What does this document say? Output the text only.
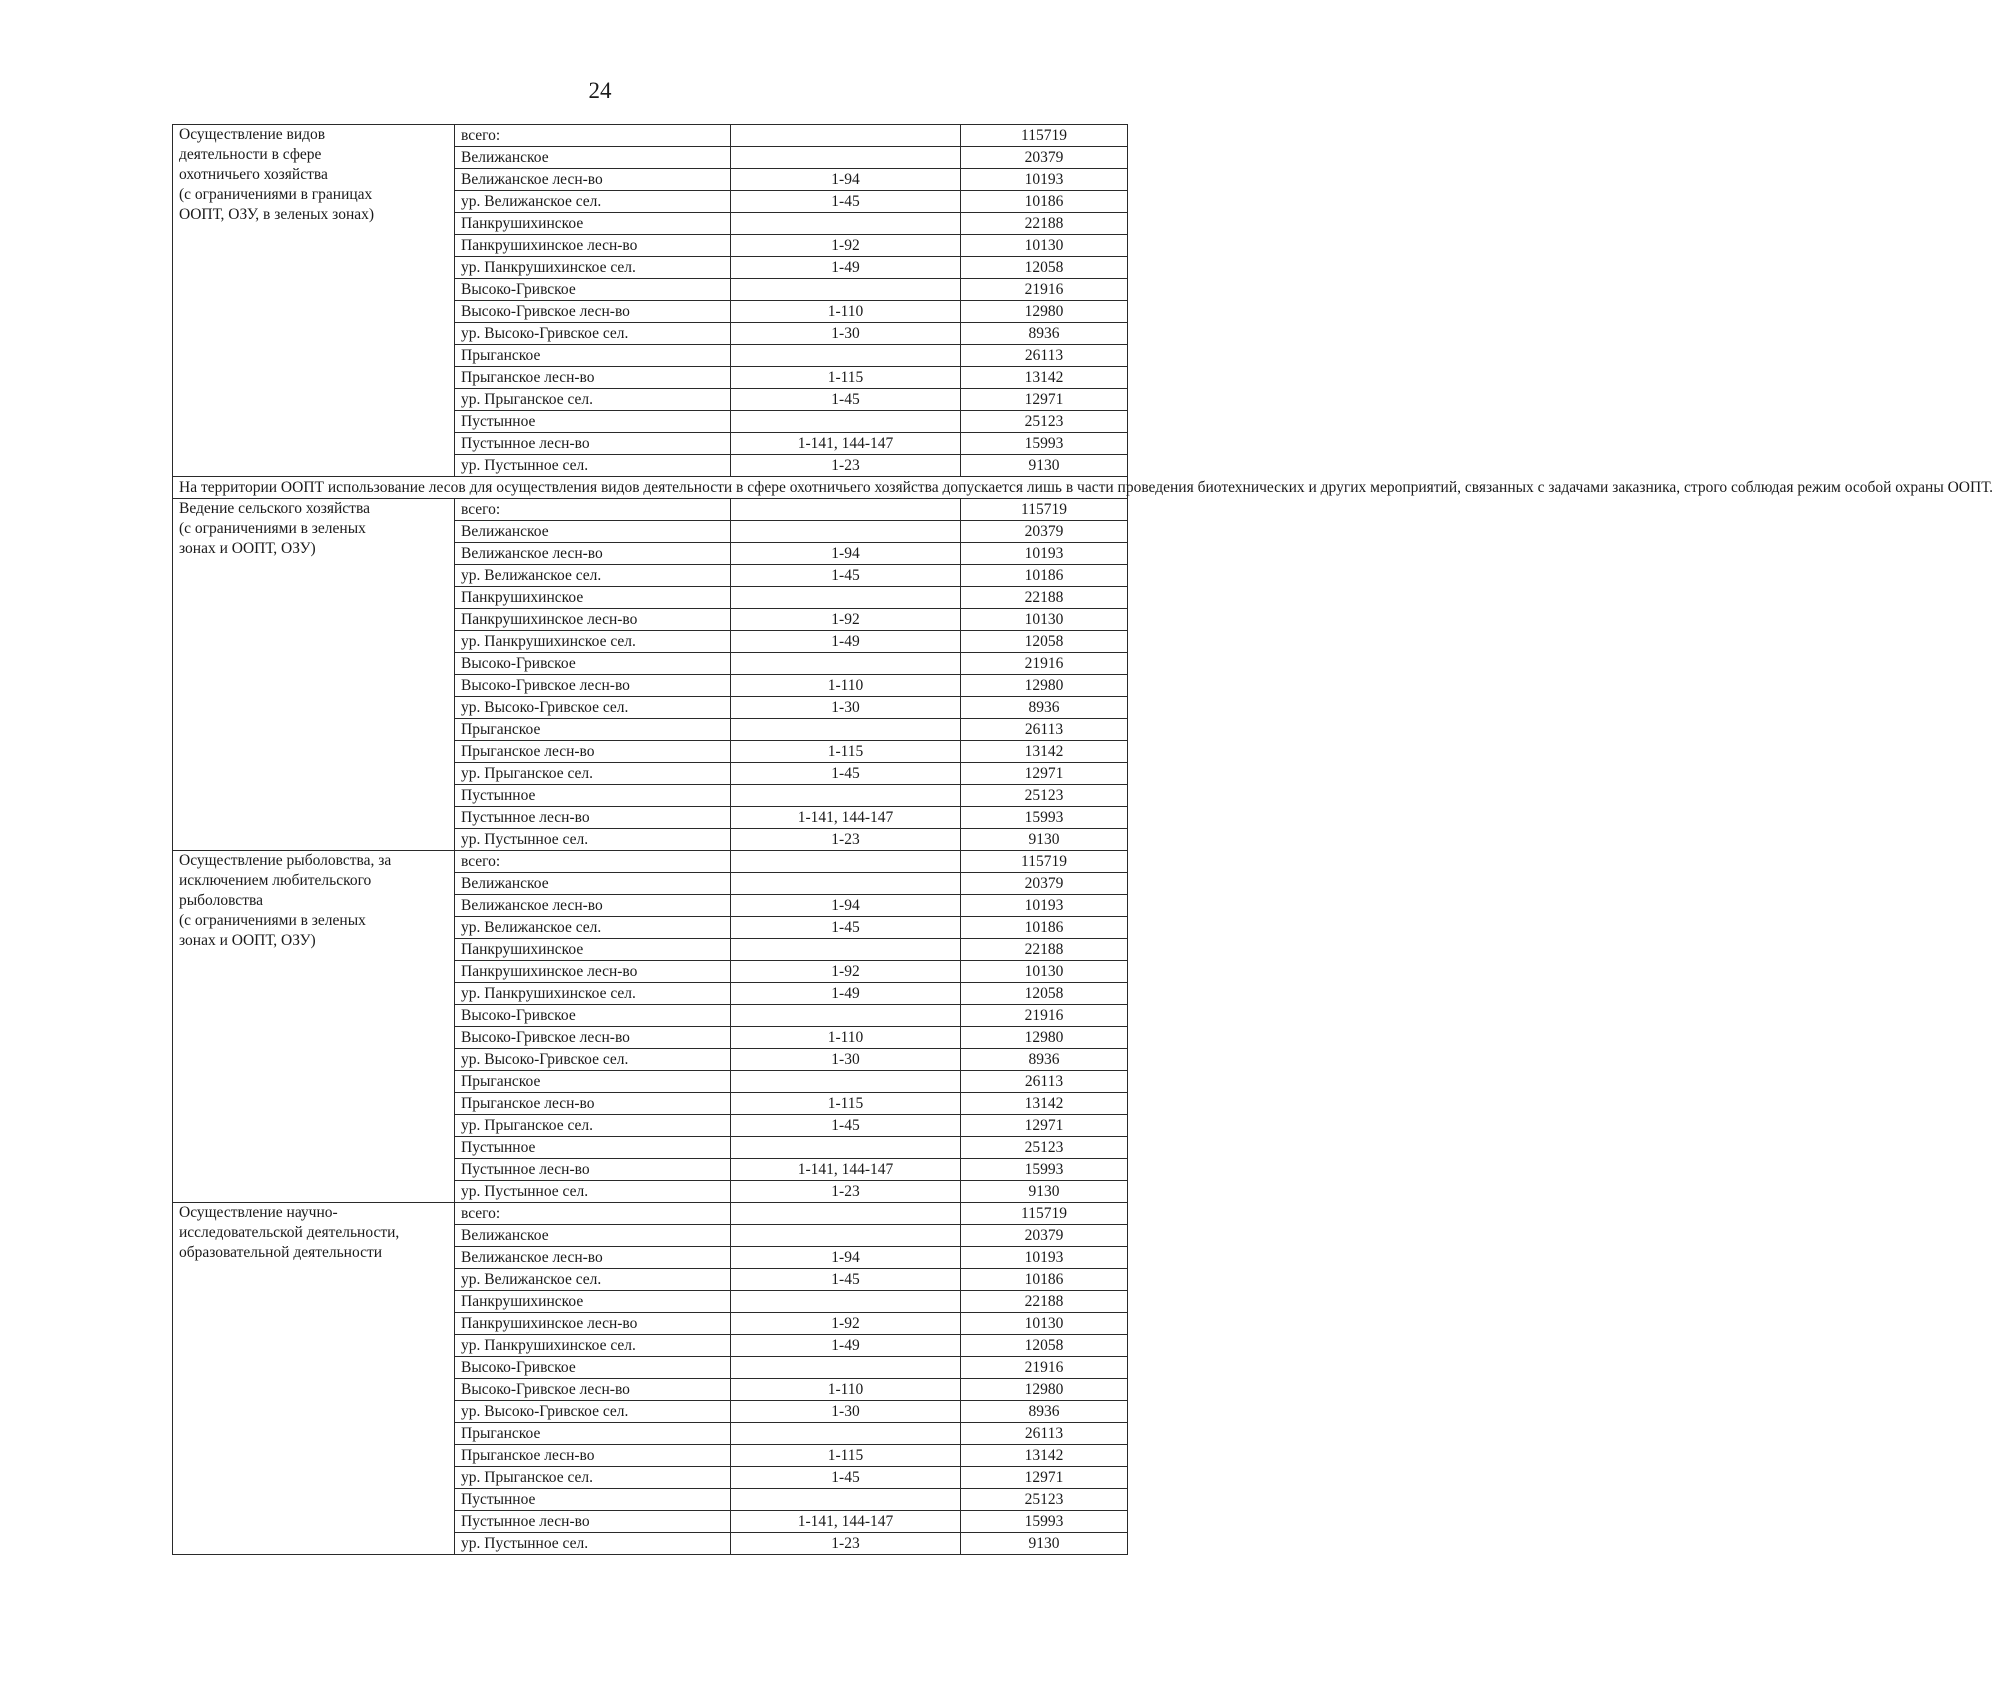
24
Осуществление видов
деятельности в сфере
охотничьего хозяйства
(с ограничениями в границах
ООПТ, ОЗУ, в зеленых зонах)	всего:		115719
	Велижанское		20379
	Велижанское лесн-во	1-94	10193
	ур. Велижанское сел.	1-45	10186
	Панкрушихинское		22188
	Панкрушихинское лесн-во	1-92	10130
	ур. Панкрушихинское сел.	1-49	12058
	Высоко-Гривское		21916
	Высоко-Гривское лесн-во	1-110	12980
	ур. Высоко-Гривское сел.	1-30	8936
	Прыганское		26113
	Прыганское лесн-во	1-115	13142
	ур. Прыганское сел.	1-45	12971
	Пустынное		25123
	Пустынное лесн-во	1-141, 144-147	15993
	ур. Пустынное сел.	1-23	9130
На территории ООПТ использование лесов для осуществления видов деятельности в сфере охотничьего хозяйства допускается лишь в части проведения биотехнических и других мероприятий, связанных с задачами заказника, строго соблюдая режим особой охраны ООПТ.			

Ведение сельского хозяйства
(с ограничениями в зеленых
зонах и ООПТ, ОЗУ)	всего:		115719
	Велижанское		20379
	Велижанское лесн-во	1-94	10193
	ур. Велижанское сел.	1-45	10186
	Панкрушихинское		22188
	Панкрушихинское лесн-во	1-92	10130
	ур. Панкрушихинское сел.	1-49	12058
	Высоко-Гривское		21916
	Высоко-Гривское лесн-во	1-110	12980
	ур. Высоко-Гривское сел.	1-30	8936
	Прыганское		26113
	Прыганское лесн-во	1-115	13142
	ур. Прыганское сел.	1-45	12971
	Пустынное		25123
	Пустынное лесн-во	1-141, 144-147	15993
	ур. Пустынное сел.	1-23	9130

Осуществление рыболовства, за
исключением любительского
рыболовства
(с ограничениями в зеленых
зонах и ООПТ, ОЗУ)	всего:		115719
	Велижанское		20379
	Велижанское лесн-во	1-94	10193
	ур. Велижанское сел.	1-45	10186
	Панкрушихинское		22188
	Панкрушихинское лесн-во	1-92	10130
	ур. Панкрушихинское сел.	1-49	12058
	Высоко-Гривское		21916
	Высоко-Гривское лесн-во	1-110	12980
	ур. Высоко-Гривское сел.	1-30	8936
	Прыганское		26113
	Прыганское лесн-во	1-115	13142
	ур. Прыганское сел.	1-45	12971
	Пустынное		25123
	Пустынное лесн-во	1-141, 144-147	15993
	ур. Пустынное сел.	1-23	9130

Осуществление научно-
исследовательской деятельности,
образовательной деятельности	всего:		115719
	Велижанское		20379
	Велижанское лесн-во	1-94	10193
	ур. Велижанское сел.	1-45	10186
	Панкрушихинское		22188
	Панкрушихинское лесн-во	1-92	10130
	ур. Панкрушихинское сел.	1-49	12058
	Высоко-Гривское		21916
	Высоко-Гривское лесн-во	1-110	12980
	ур. Высоко-Гривское сел.	1-30	8936
	Прыганское		26113
	Прыганское лесн-во	1-115	13142
	ур. Прыганское сел.	1-45	12971
	Пустынное		25123
	Пустынное лесн-во	1-141, 144-147	15993
	ур. Пустынное сел.	1-23	9130
